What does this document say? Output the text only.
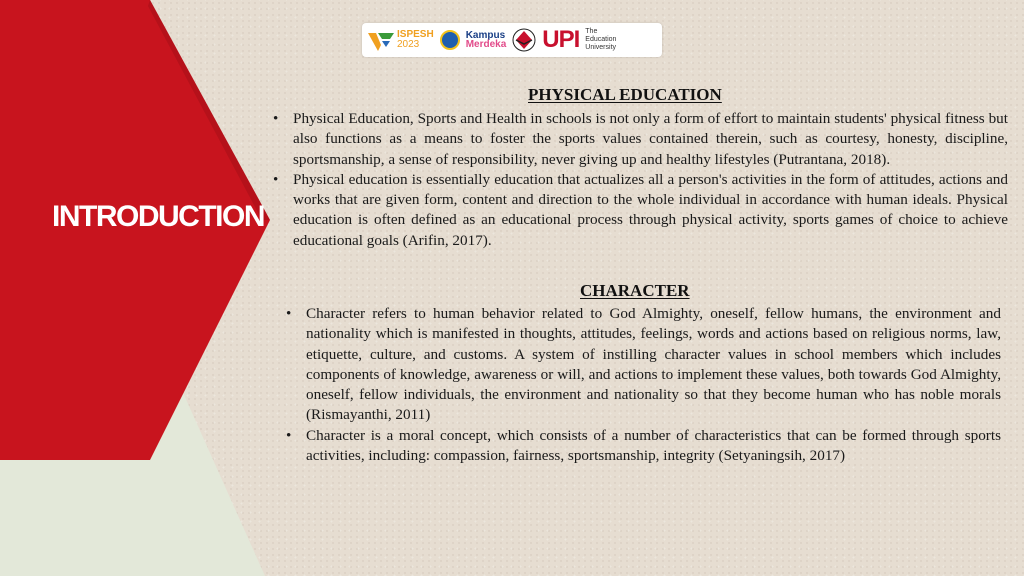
INTRODUCTION
ISPESH
2023
Kampus
Merdeka UPI The
Education
University
PHYSICAL EDUCATION
• Physical Education, Sports and Health in schools is not only a form of effort to maintain students' physical fitness but also functions as a means to foster the sports values contained therein, such as courtesy, honesty, discipline, sportsmanship, a sense of responsibility, never giving up and healthy lifestyles (Putrantana, 2018).
• Physical education is essentially education that actualizes all a person's activities in the form of attitudes, actions and works that are given form, content and direction to the whole individual in accordance with human ideals. Physical education is often defined as an educational process through physical activity, sports games of choice to achieve educational goals (Arifin, 2017).
CHARACTER
• Character refers to human behavior related to God Almighty, oneself, fellow humans, the environment and nationality which is manifested in thoughts, attitudes, feelings, words and actions based on religious norms, law, etiquette, culture, and customs. A system of instilling character values in school members which includes components of knowledge, awareness or will, and actions to implement these values, both towards God Almighty, oneself, fellow individuals, the environment and nationality so that they become human who has noble morals (Rismayanthi, 2011)
• Character is a moral concept, which consists of a number of characteristics that can be formed through sports activities, including: compassion, fairness, sportsmanship, integrity (Setyaningsih, 2017)
